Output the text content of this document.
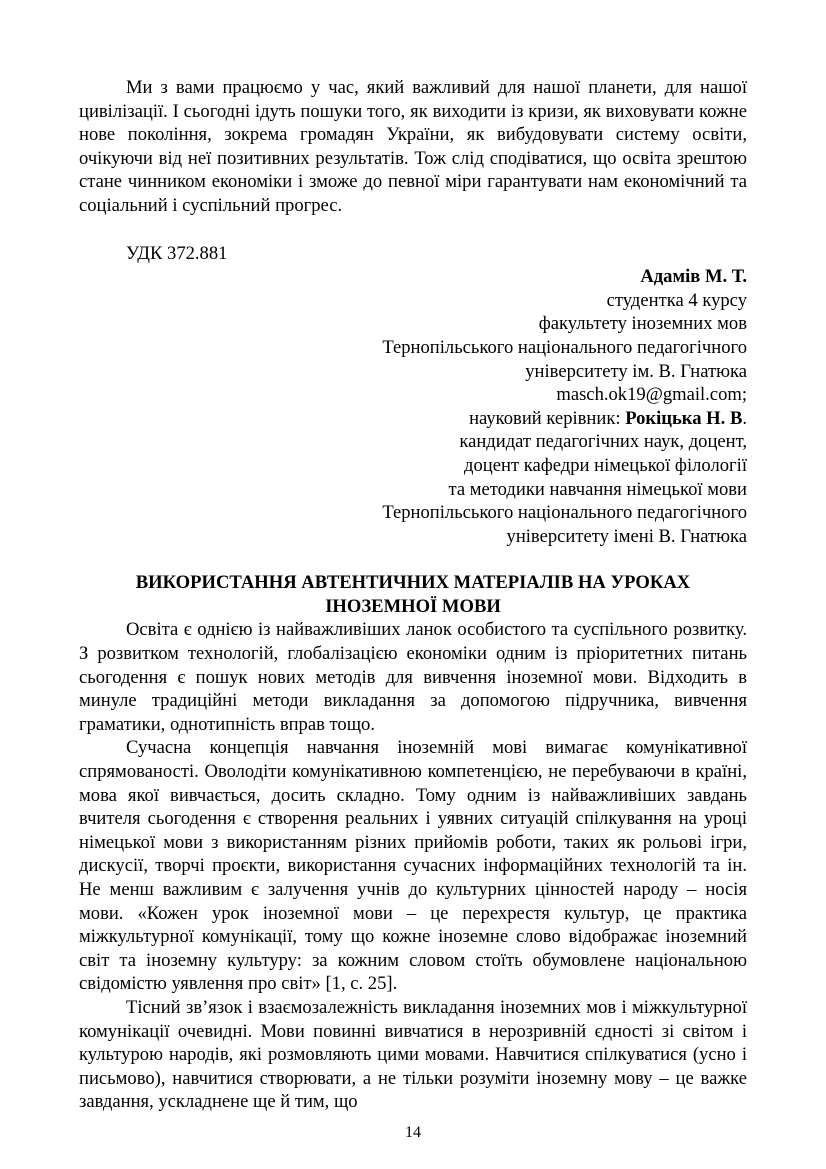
Ми з вами працюємо у час, який важливий для нашої планети, для нашої цивілізації. І сьогодні ідуть пошуки того, як виходити із кризи, як виховувати кожне нове покоління, зокрема громадян України, як вибудовувати систему освіти, очікуючи від неї позитивних результатів. Тож слід сподіватися, що освіта зрештою стане чинником економіки і зможе до певної міри гарантувати нам економічний та соціальний і суспільний прогрес.

УДК 372.881

Адамів М. Т.
студентка 4 курсу
факультету іноземних мов
Тернопільського національного педагогічного
університету ім. В. Гнатюка
masch.ok19@gmail.com;
науковий керівник: Рокіцька Н. В.
кандидат педагогічних наук, доцент,
доцент кафедри німецької філології
та методики навчання німецької мови
Тернопільського національного педагогічного
університету імені В. Гнатюка
ВИКОРИСТАННЯ АВТЕНТИЧНИХ МАТЕРІАЛІВ НА УРОКАХ
ІНОЗЕМНОЇ МОВИ

Освіта є однією із найважливіших ланок особистого та суспільного розвитку. З розвитком технологій, глобалізацією економіки одним із пріоритетних питань сьогодення є пошук нових методів для вивчення іноземної мови. Відходить в минуле традиційні методи викладання за допомогою підручника, вивчення граматики, однотипність вправ тощо.

Сучасна концепція навчання іноземній мові вимагає комунікативної спрямованості. Оволодіти комунікативною компетенцією, не перебуваючи в країні, мова якої вивчається, досить складно. Тому одним із найважливіших завдань вчителя сьогодення є створення реальних і уявних ситуацій спілкування на уроці німецької мови з використанням різних прийомів роботи, таких як рольові ігри, дискусії, творчі проєкти, використання сучасних інформаційних технологій та ін. Не менш важливим є залучення учнів до культурних цінностей народу – носія мови. «Кожен урок іноземної мови – це перехрестя культур, це практика міжкультурної комунікації, тому що кожне іноземне слово відображає іноземний світ та іноземну культуру: за кожним словом стоїть обумовлене національною свідомістю уявлення про світ» [1, с. 25].

Тісний зв’язок і взаємозалежність викладання іноземних мов і міжкультурної комунікації очевидні. Мови повинні вивчатися в нерозривній єдності зі світом і культурою народів, які розмовляють цими мовами. Навчитися спілкуватися (усно і письмово), навчитися створювати, а не тільки розуміти іноземну мову – це важке завдання, ускладнене ще й тим, що

14
